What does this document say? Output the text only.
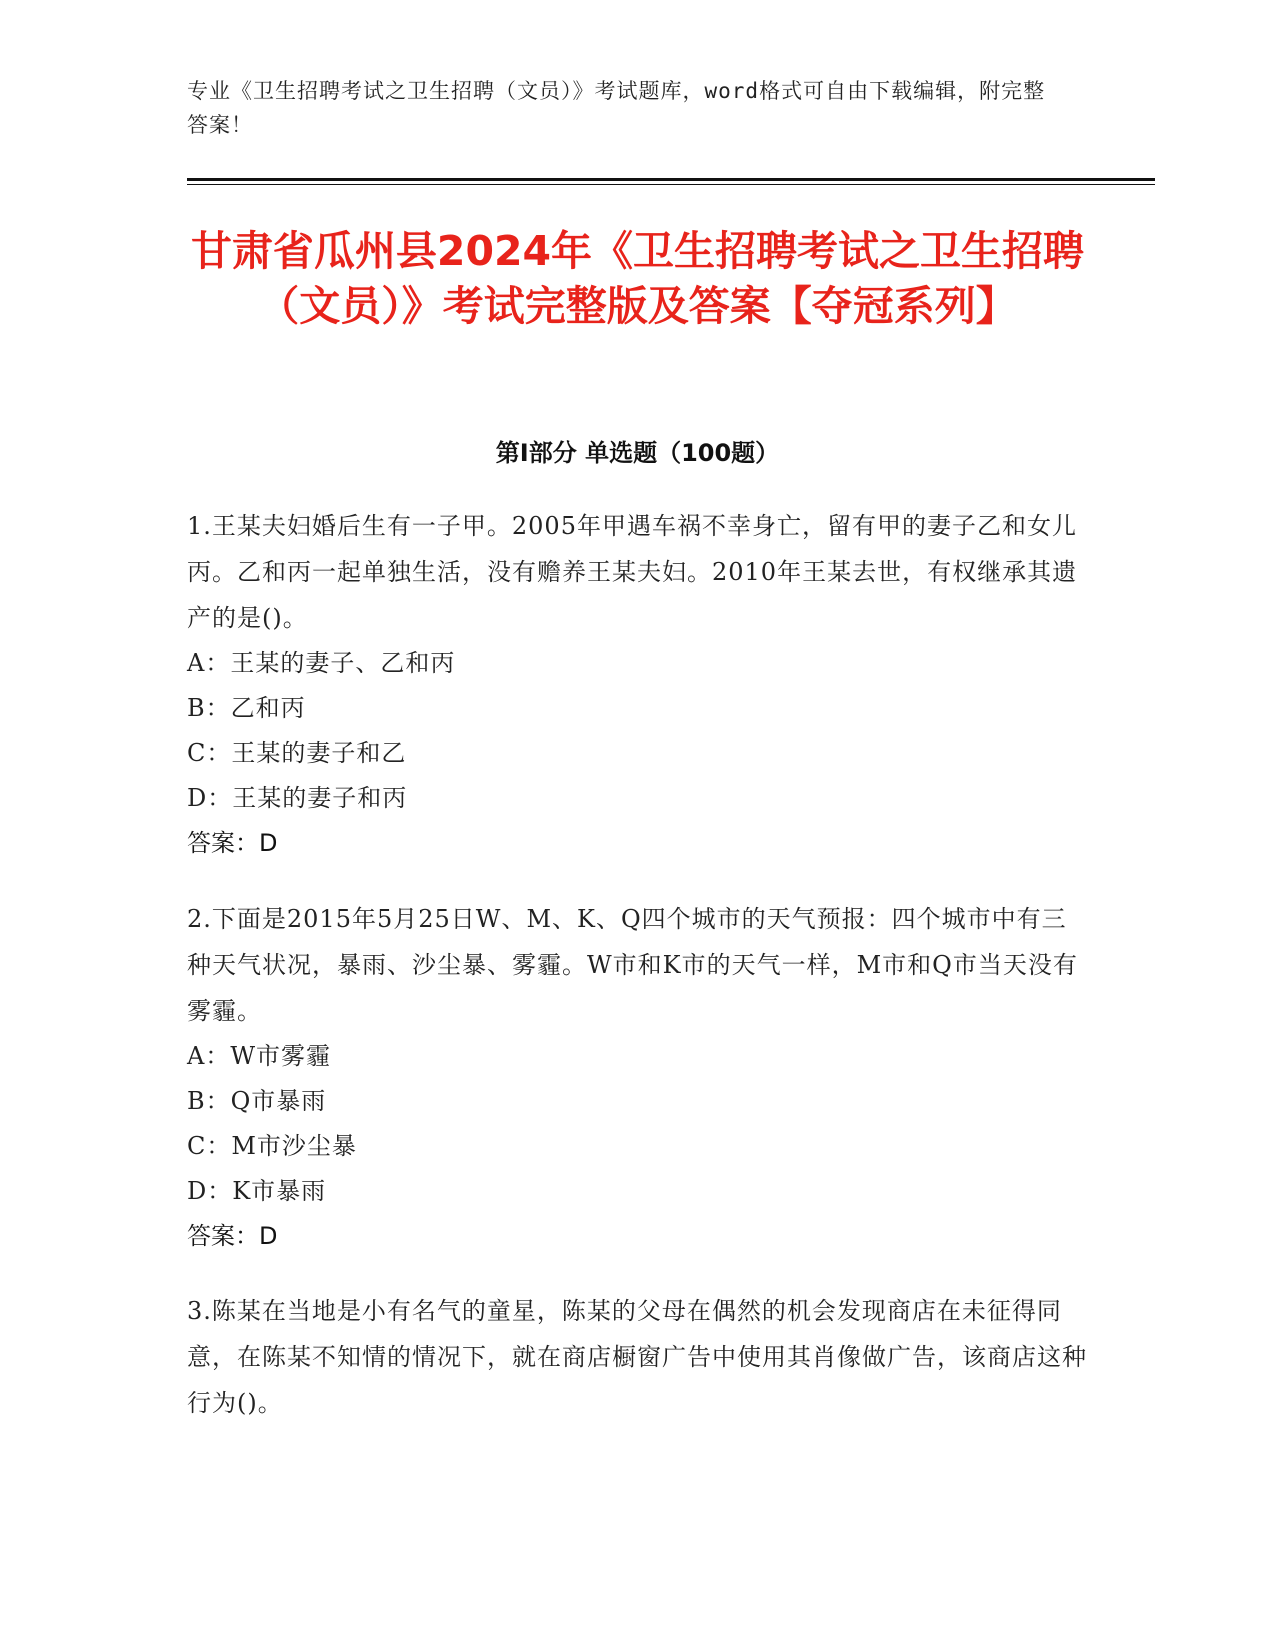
专业《卫生招聘考试之卫生招聘（文员）》考试题库，word格式可自由下载编辑，附完整答案！
甘肃省瓜州县2024年《卫生招聘考试之卫生招聘（文员）》考试完整版及答案【夺冠系列】
第Ⅰ部分 单选题（100题）

1.王某夫妇婚后生有一子甲。2005年甲遇车祸不幸身亡，留有甲的妻子乙和女儿丙。乙和丙一起单独生活，没有赡养王某夫妇。2010年王某去世，有权继承其遗产的是()。

A：王某的妻子、乙和丙

B：乙和丙

C：王某的妻子和乙

D：王某的妻子和丙

答案：D

2.下面是2015年5月25日W、M、K、Q四个城市的天气预报：四个城市中有三种天气状况，暴雨、沙尘暴、雾霾。W市和K市的天气一样，M市和Q市当天没有雾霾。

A：W市雾霾

B：Q市暴雨

C：M市沙尘暴

D：K市暴雨

答案：D

3.陈某在当地是小有名气的童星，陈某的父母在偶然的机会发现商店在未征得同意，在陈某不知情的情况下，就在商店橱窗广告中使用其肖像做广告，该商店这种行为()。
